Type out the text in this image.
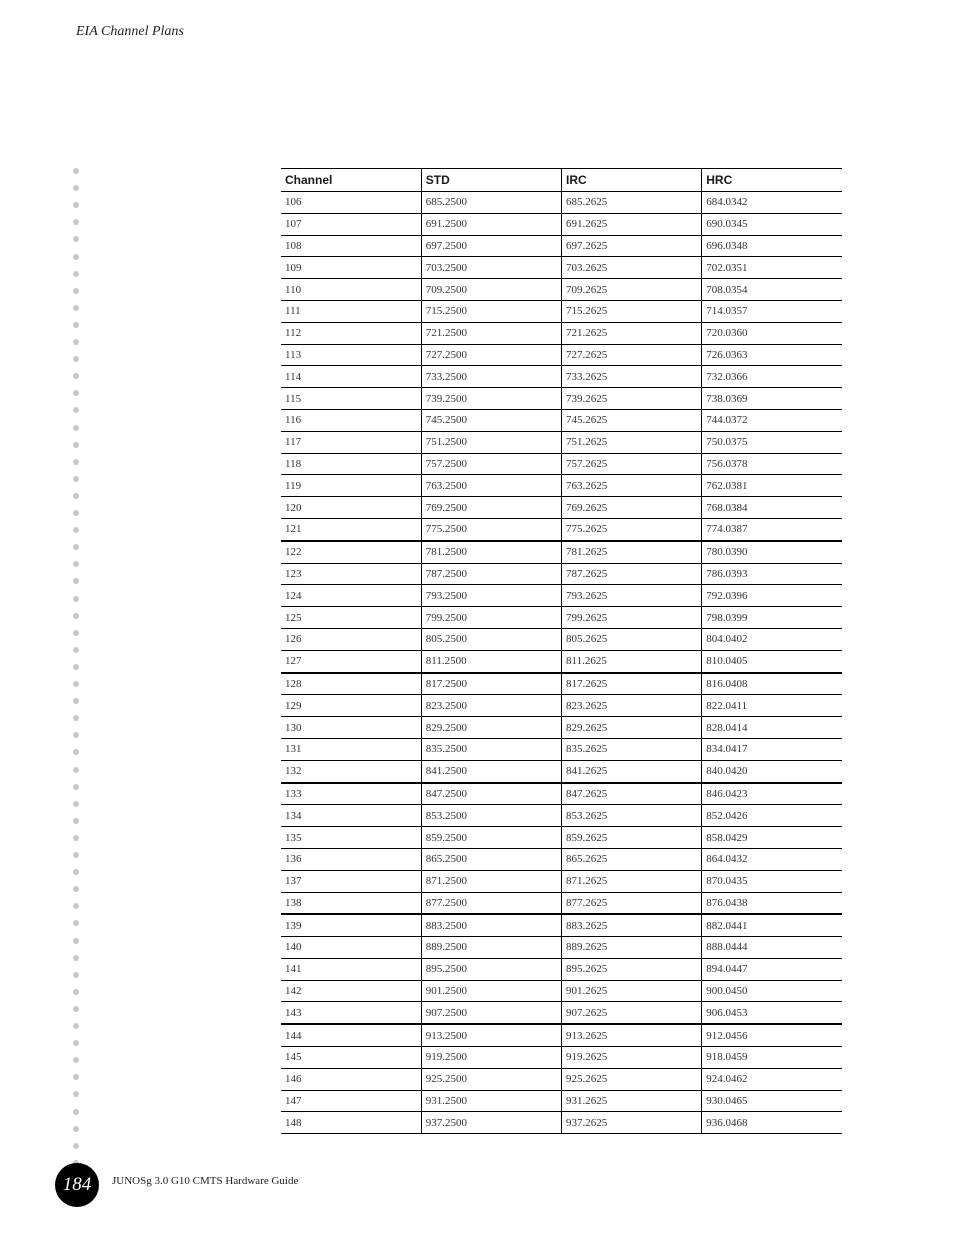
EIA Channel Plans
Channel	STD	IRC	HRC
106	685.2500	685.2625	684.0342
107	691.2500	691.2625	690.0345
108	697.2500	697.2625	696.0348
109	703.2500	703.2625	702.0351
110	709.2500	709.2625	708.0354
111	715.2500	715.2625	714.0357
112	721.2500	721.2625	720.0360
113	727.2500	727.2625	726.0363
114	733.2500	733.2625	732.0366
115	739.2500	739.2625	738.0369
116	745.2500	745.2625	744.0372
117	751.2500	751.2625	750.0375
118	757.2500	757.2625	756.0378
119	763.2500	763.2625	762.0381
120	769.2500	769.2625	768.0384
121	775.2500	775.2625	774.0387
122	781.2500	781.2625	780.0390
123	787.2500	787.2625	786.0393
124	793.2500	793.2625	792.0396
125	799.2500	799.2625	798.0399
126	805.2500	805.2625	804.0402
127	811.2500	811.2625	810.0405
128	817.2500	817.2625	816.0408
129	823.2500	823.2625	822.0411
130	829.2500	829.2625	828.0414
131	835.2500	835.2625	834.0417
132	841.2500	841.2625	840.0420
133	847.2500	847.2625	846.0423
134	853.2500	853.2625	852.0426
135	859.2500	859.2625	858.0429
136	865.2500	865.2625	864.0432
137	871.2500	871.2625	870.0435
138	877.2500	877.2625	876.0438
139	883.2500	883.2625	882.0441
140	889.2500	889.2625	888.0444
141	895.2500	895.2625	894.0447
142	901.2500	901.2625	900.0450
143	907.2500	907.2625	906.0453
144	913.2500	913.2625	912.0456
145	919.2500	919.2625	918.0459
146	925.2500	925.2625	924.0462
147	931.2500	931.2625	930.0465
148	937.2500	937.2625	936.0468
184	JUNOSg 3.0 G10 CMTS Hardware Guide
